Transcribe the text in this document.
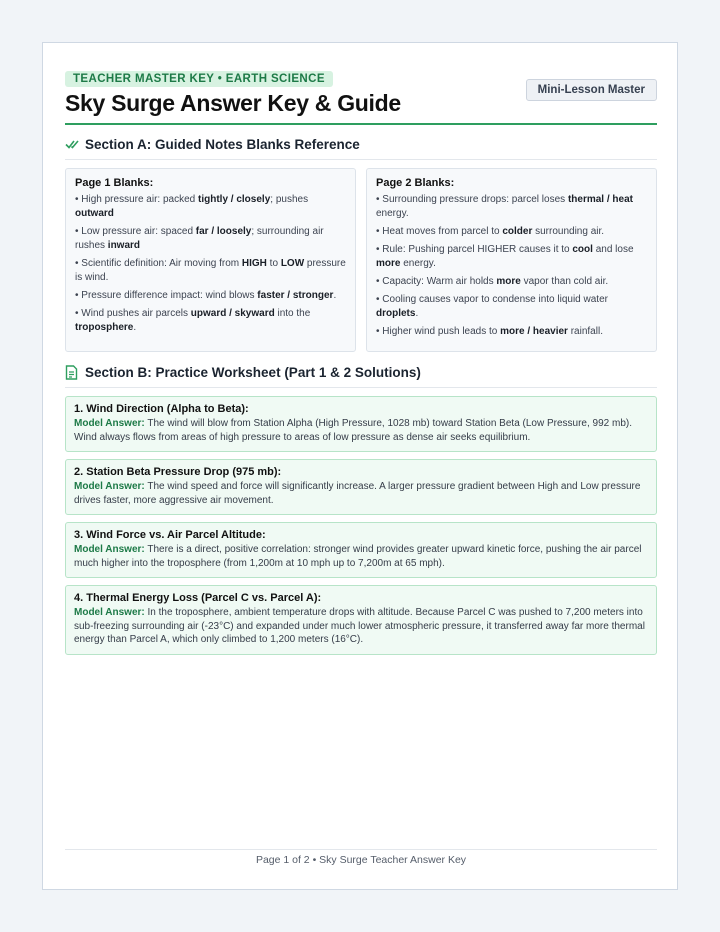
TEACHER MASTER KEY • EARTH SCIENCE
Sky Surge Answer Key & Guide	Mini-Lesson Master
Section A: Guided Notes Blanks Reference
Page 1 Blanks:

• High pressure air: packed tightly / closely; pushes outward

• Low pressure air: spaced far / loosely; surrounding air rushes inward

• Scientific definition: Air moving from HIGH to LOW pressure is wind.

• Pressure difference impact: wind blows faster / stronger.

• Wind pushes air parcels upward / skyward into the troposphere.

Page 2 Blanks:

• Surrounding pressure drops: parcel loses thermal / heat energy.

• Heat moves from parcel to colder surrounding air.

• Rule: Pushing parcel HIGHER causes it to cool and lose more energy.

• Capacity: Warm air holds more vapor than cold air.

• Cooling causes vapor to condense into liquid water droplets.

• Higher wind push leads to more / heavier rainfall.

Section B: Practice Worksheet (Part 1 & 2 Solutions)
1. Wind Direction (Alpha to Beta):
Model Answer: The wind will blow from Station Alpha (High Pressure, 1028 mb) toward Station Beta (Low Pressure, 992 mb). Wind always flows from areas of high pressure to areas of low pressure as dense air seeks equilibrium.
2. Station Beta Pressure Drop (975 mb):
Model Answer: The wind speed and force will significantly increase. A larger pressure gradient between High and Low pressure drives faster, more aggressive air movement.
3. Wind Force vs. Air Parcel Altitude:
Model Answer: There is a direct, positive correlation: stronger wind provides greater upward kinetic force, pushing the air parcel much higher into the troposphere (from 1,200m at 10 mph up to 7,200m at 65 mph).
4. Thermal Energy Loss (Parcel C vs. Parcel A):
Model Answer: In the troposphere, ambient temperature drops with altitude. Because Parcel C was pushed to 7,200 meters into sub-freezing surrounding air (-23°C) and expanded under much lower atmospheric pressure, it transferred away far more thermal energy than Parcel A, which only climbed to 1,200 meters (16°C).
Page 1 of 2 • Sky Surge Teacher Answer Key
